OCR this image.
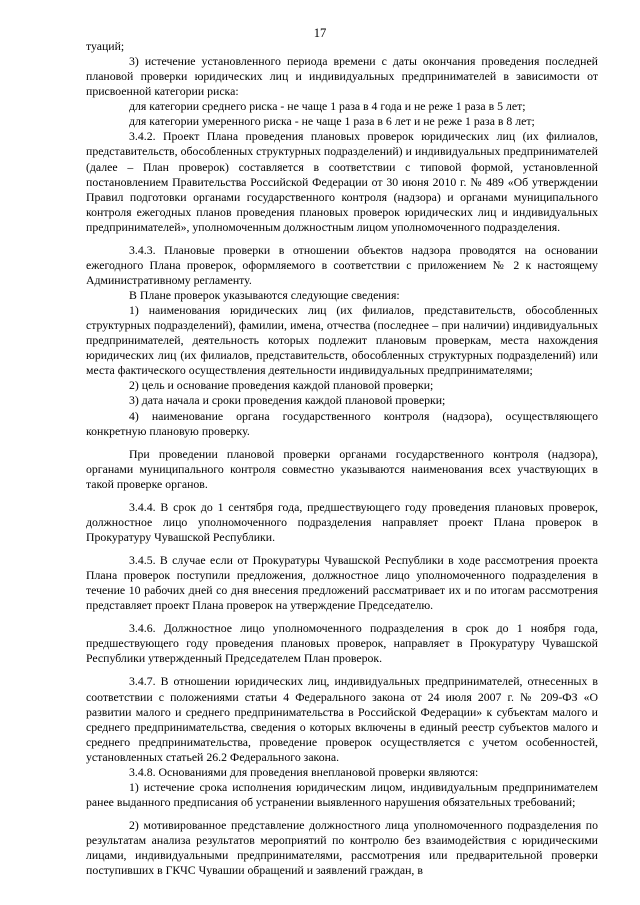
17

туаций;

3) истечение установленного периода времени с даты окончания проведения последней плановой проверки юридических лиц и индивидуальных предпринимателей в зависимости от присвоенной категории риска:

для категории среднего риска - не чаще 1 раза в 4 года и не реже 1 раза в 5 лет;

для категории умеренного риска - не чаще 1 раза в 6 лет и не реже 1 раза в 8 лет;

3.4.2. Проект Плана проведения плановых проверок юридических лиц (их филиалов, представительств, обособленных структурных подразделений) и индивидуальных предпринимателей (далее – План проверок) составляется в соответствии с типовой формой, установленной постановлением Правительства Российской Федерации от 30 июня 2010 г. № 489 «Об утверждении Правил подготовки органами государственного контроля (надзора) и органами муниципального контроля ежегодных планов проведения плановых проверок юридических лиц и индивидуальных предпринимателей», уполномоченным должностным лицом уполномоченного подразделения.

3.4.3. Плановые проверки в отношении объектов надзора проводятся на основании ежегодного Плана проверок, оформляемого в соответствии с приложением № 2 к настоящему Административному регламенту.

В Плане проверок указываются следующие сведения:

1) наименования юридических лиц (их филиалов, представительств, обособленных структурных подразделений), фамилии, имена, отчества (последнее – при наличии) индивидуальных предпринимателей, деятельность которых подлежит плановым проверкам, места нахождения юридических лиц (их филиалов, представительств, обособленных структурных подразделений) или места фактического осуществления деятельности индивидуальных предпринимателями;

2) цель и основание проведения каждой плановой проверки;

3) дата начала и сроки проведения каждой плановой проверки;

4) наименование органа государственного контроля (надзора), осуществляющего конкретную плановую проверку.

При проведении плановой проверки органами государственного контроля (надзора), органами муниципального контроля совместно указываются наименования всех участвующих в такой проверке органов.

3.4.4. В срок до 1 сентября года, предшествующего году проведения плановых проверок, должностное лицо уполномоченного подразделения направляет проект Плана проверок в Прокуратуру Чувашской Республики.

3.4.5. В случае если от Прокуратуры Чувашской Республики в ходе рассмотрения проекта Плана проверок поступили предложения, должностное лицо уполномоченного подразделения в течение 10 рабочих дней со дня внесения предложений рассматривает их и по итогам рассмотрения представляет проект Плана проверок на утверждение Председателю.

3.4.6. Должностное лицо уполномоченного подразделения в срок до 1 ноября года, предшествующего году проведения плановых проверок, направляет в Прокуратуру Чувашской Республики утвержденный Председателем План проверок.

3.4.7. В отношении юридических лиц, индивидуальных предпринимателей, отнесенных в соответствии с положениями статьи 4 Федерального закона от 24 июля 2007 г. № 209-ФЗ «О развитии малого и среднего предпринимательства в Российской Федерации» к субъектам малого и среднего предпринимательства, сведения о которых включены в единый реестр субъектов малого и среднего предпринимательства, проведение проверок осуществляется с учетом особенностей, установленных статьей 26.2 Федерального закона.

3.4.8. Основаниями для проведения внеплановой проверки являются:

1) истечение срока исполнения юридическим лицом, индивидуальным предпринимателем ранее выданного предписания об устранении выявленного нарушения обязательных требований;

2) мотивированное представление должностного лица уполномоченного подразделения по результатам анализа результатов мероприятий по контролю без взаимодействия с юридическими лицами, индивидуальными предпринимателями, рассмотрения или предварительной проверки поступивших в ГКЧС Чувашии обращений и заявлений граждан, в
